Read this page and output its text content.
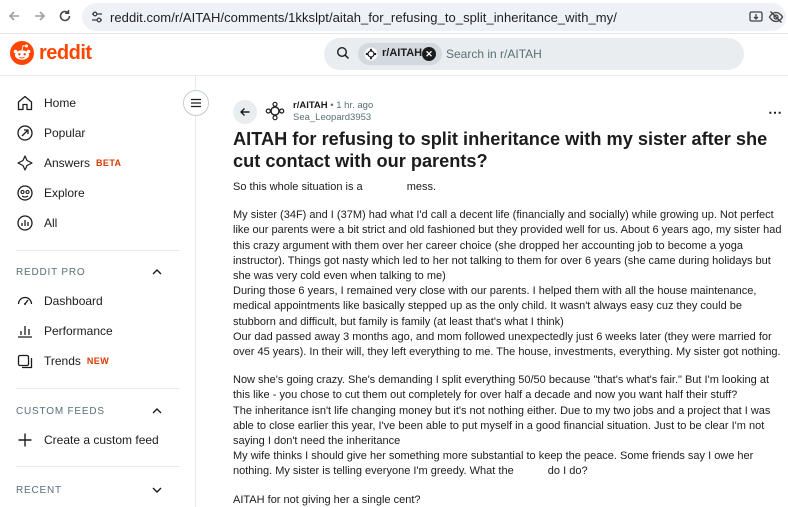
reddit.com/r/AITAH/comments/1kkslpt/aitah_for_refusing_to_split_inheritance_with_my/
reddit	r/AITAH ✕ Search in r/AITAH
Home
Popular
Answers BETA
Explore
All
REDDIT PRO
Dashboard
Performance
Trends NEW
CUSTOM FEEDS
Create a custom feed
RECENT
r/AITAH • 1 hr. ago
Sea_Leopard3953	⋯
AITAH for refusing to split inheritance with my sister after she cut contact with our parents?

So this whole situation is a	mess.

My sister (34F) and I (37M) had what I'd call a decent life (financially and socially) while growing up. Not perfect like our parents were a bit strict and old fashioned but they provided well for us. About 6 years ago, my sister had this crazy argument with them over her career choice (she dropped her accounting job to become a yoga instructor). Things got nasty which led to her not talking to them for over 6 years (she came during holidays but she was very cold even when talking to me)
During those 6 years, I remained very close with our parents. I helped them with all the house maintenance, medical appointments like basically stepped up as the only child. It wasn't always easy cuz they could be stubborn and difficult, but family is family (at least that's what I think)
Our dad passed away 3 months ago, and mom followed unexpectedly just 6 weeks later (they were married for over 45 years). In their will, they left everything to me. The house, investments, everything. My sister got nothing.

Now she's going crazy. She's demanding I split everything 50/50 because "that's what's fair." But I'm looking at this like - you chose to cut them out completely for over half a decade and now you want half their stuff?
The inheritance isn't life changing money but it's not nothing either. Due to my two jobs and a project that I was able to close earlier this year, I've been able to put myself in a good financial situation. Just to be clear I'm not saying I don't need the inheritance
My wife thinks I should give her something more substantial to keep the peace. Some friends say I owe her nothing. My sister is telling everyone I'm greedy. What the	do I do?

AITAH for not giving her a single cent?
